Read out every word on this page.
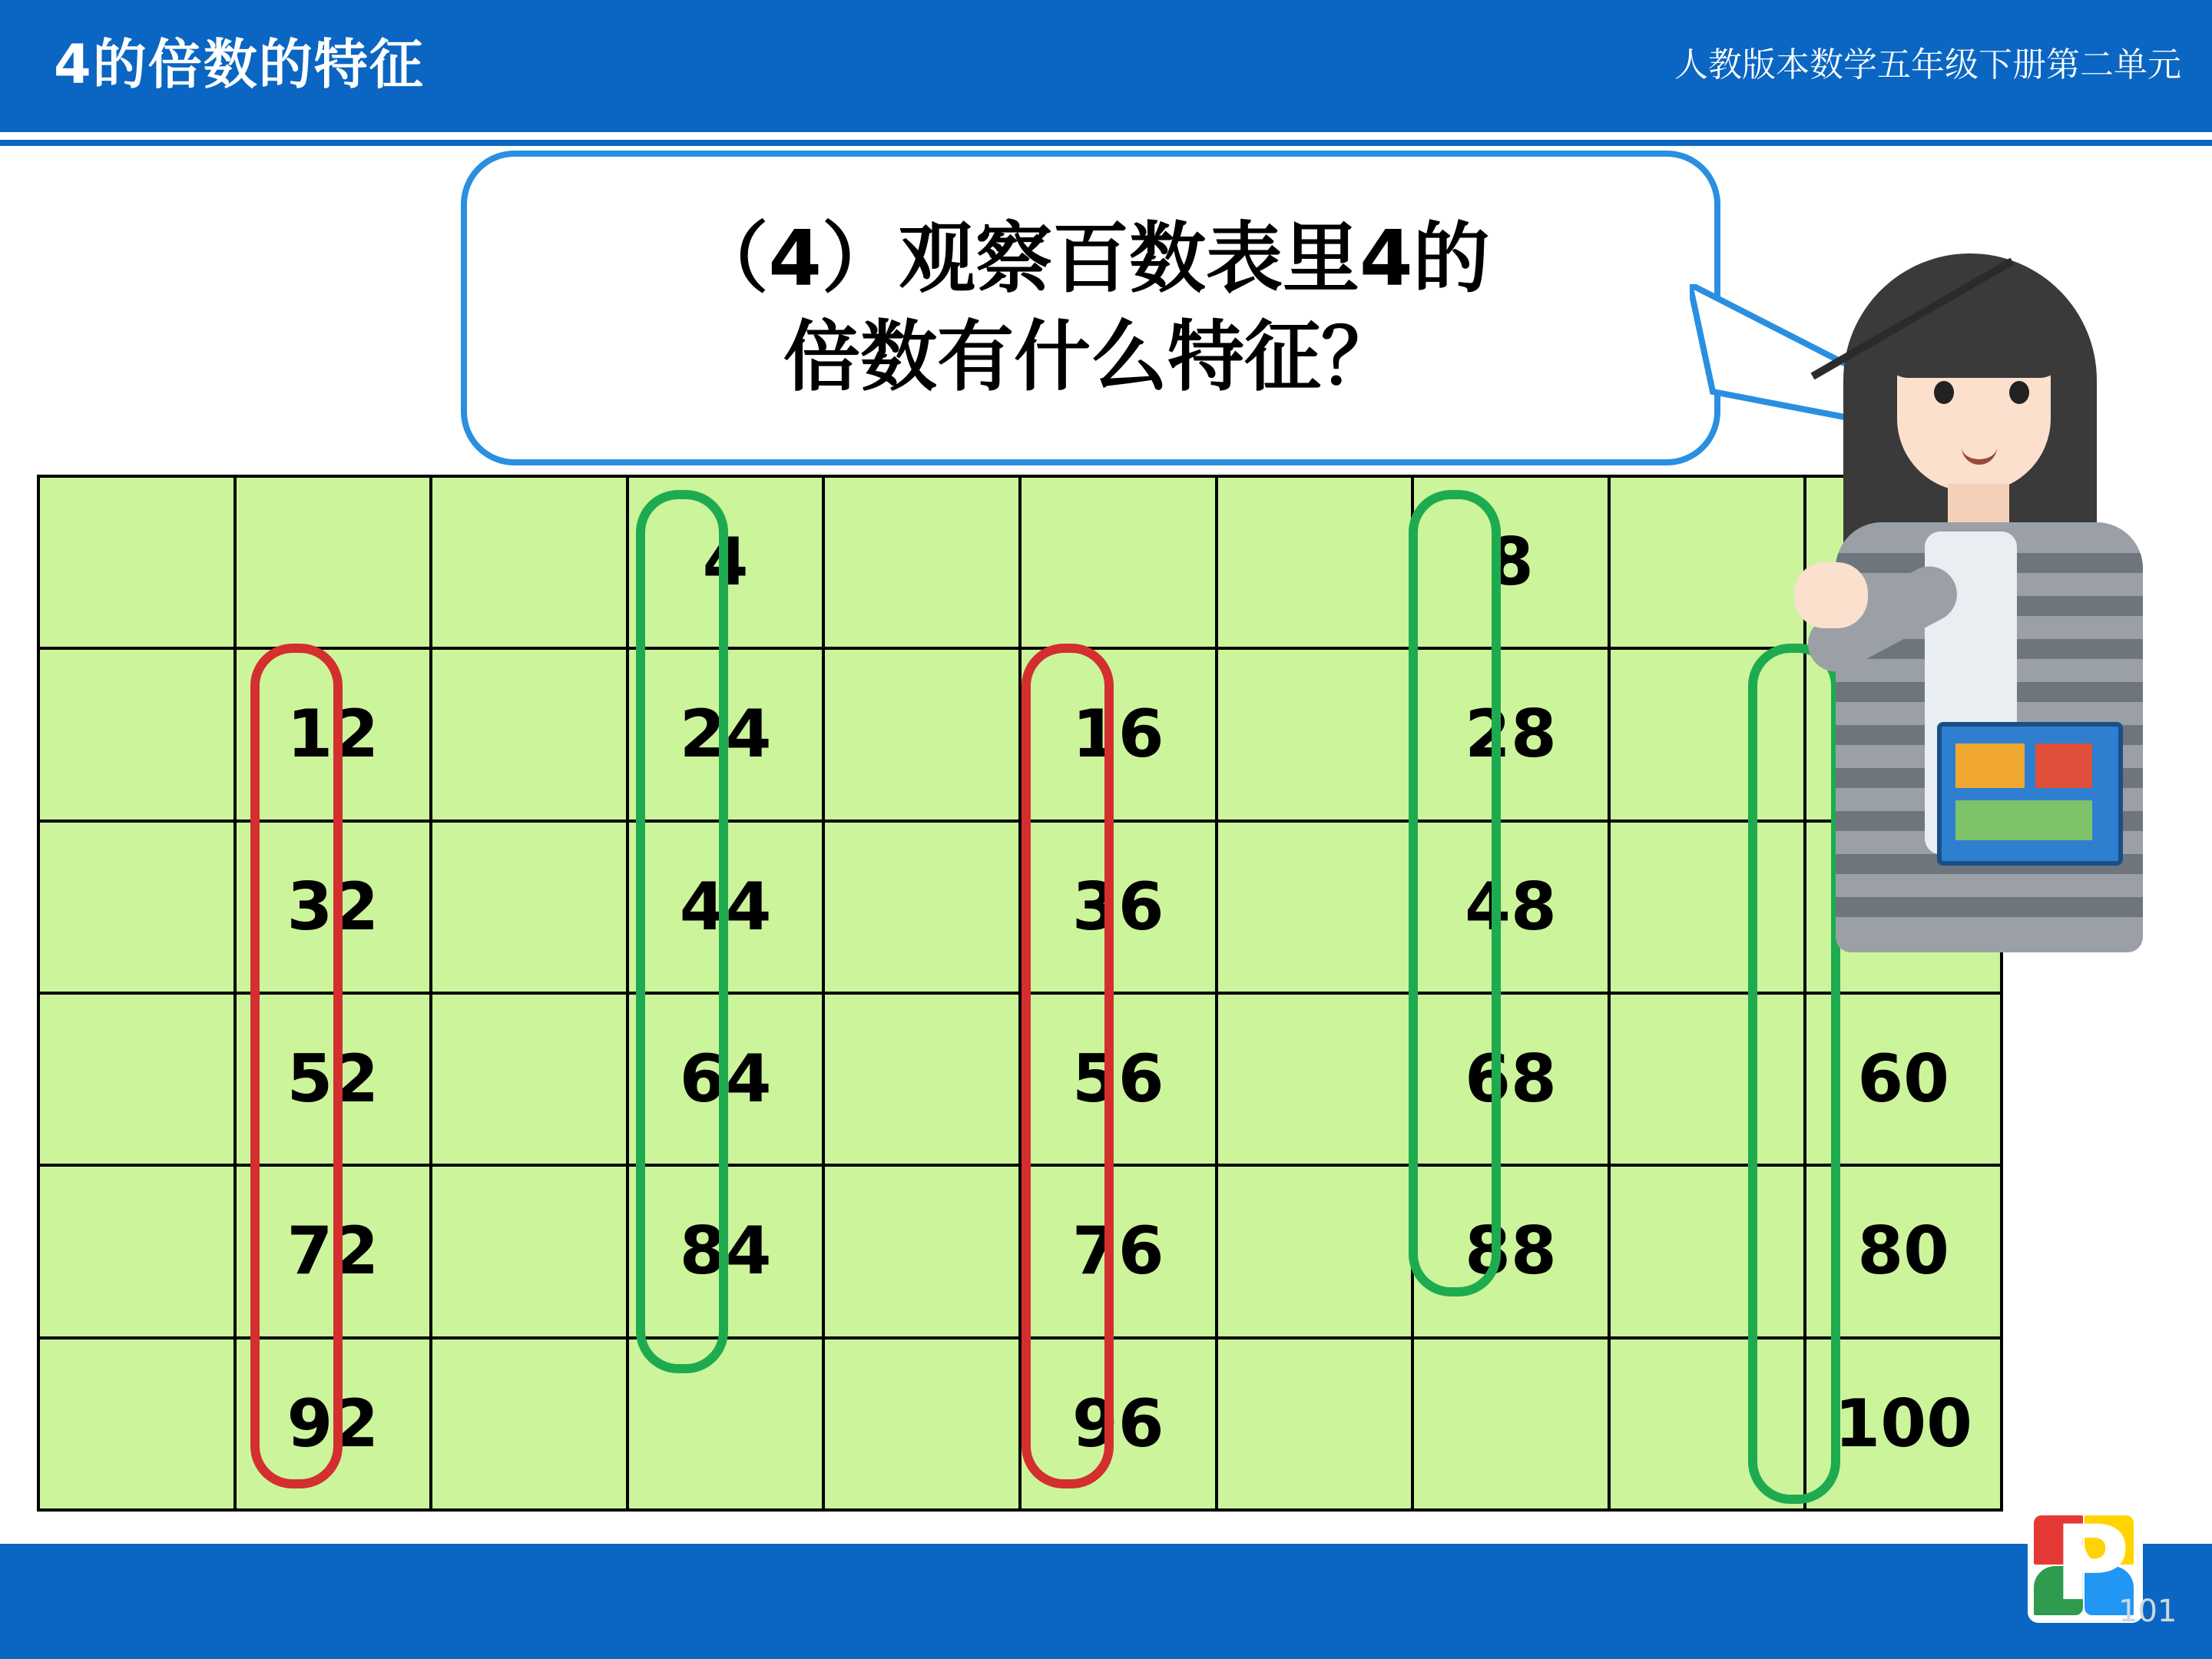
4的倍数的特征	人教版本数学五年级下册第二单元
（4）观察百数表里4的
倍数有什么特征？
			4				8		
	12		24		16		28		
	32		44		36		48		
	52		64		56		68		60
	72		84		76		88		80
	92				96				100
P
101
